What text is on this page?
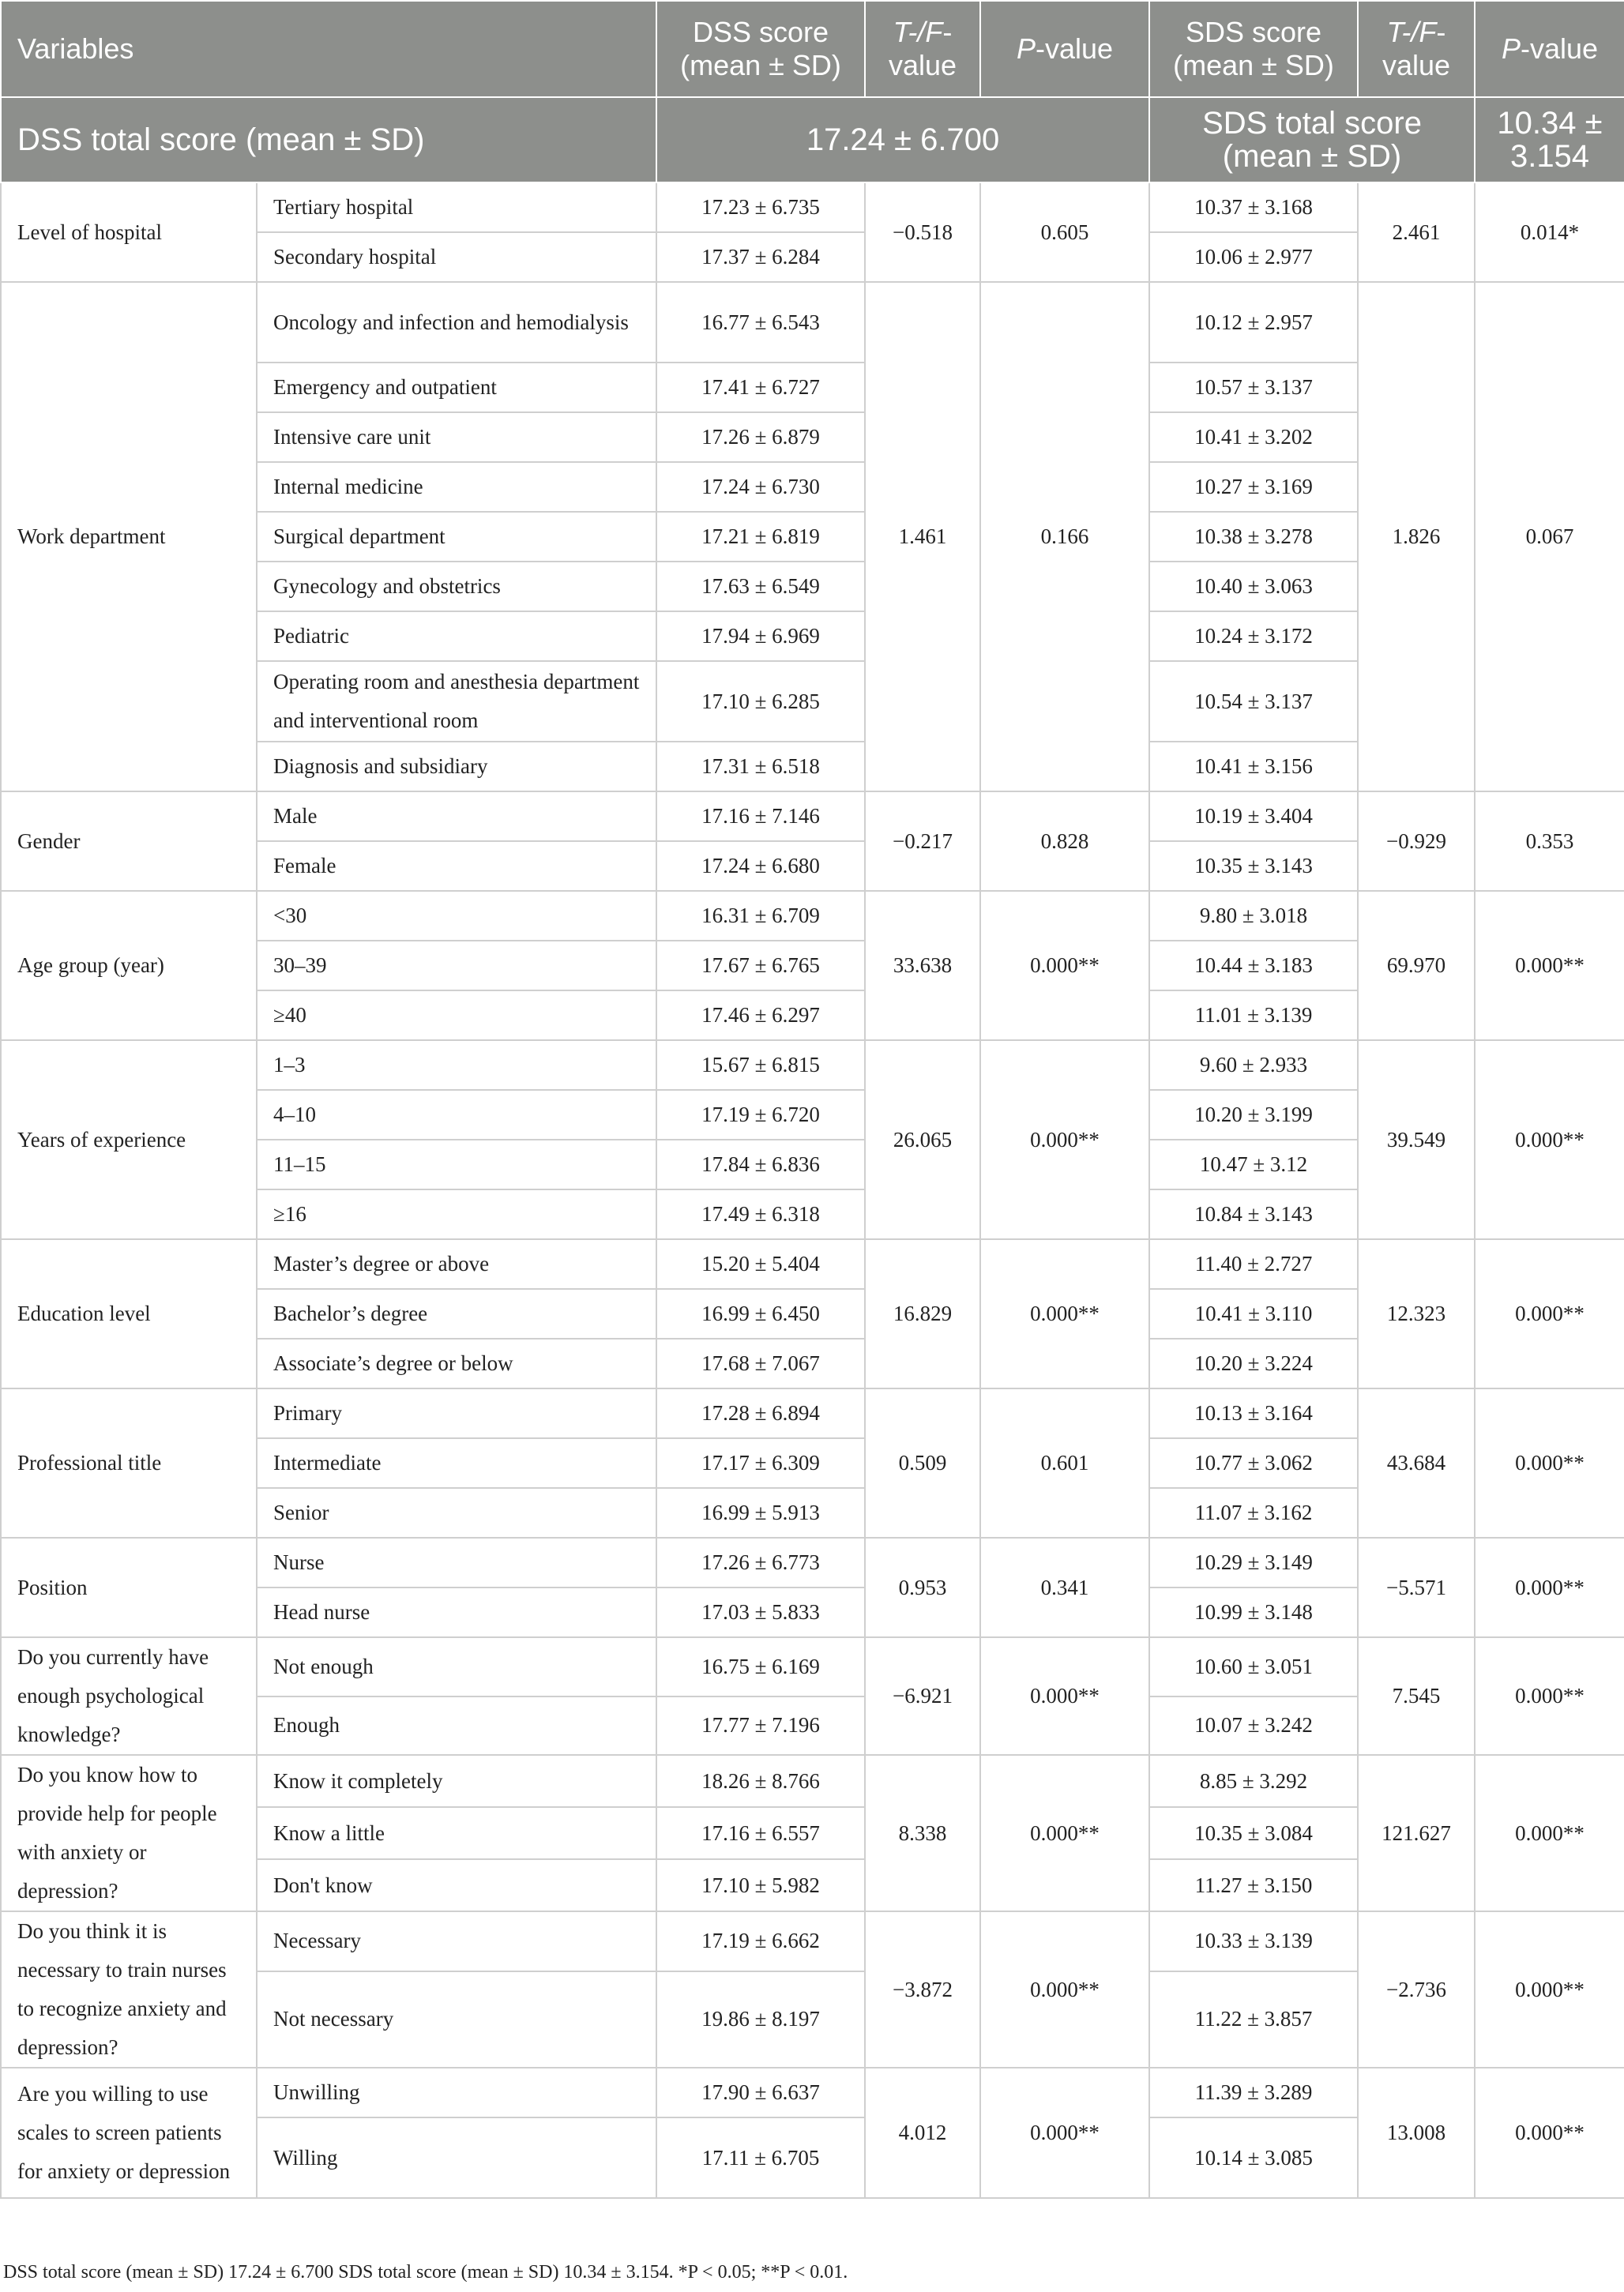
Variables		DSS score (mean ± SD)	T-/F-value	P-value	SDS score (mean ± SD)	T-/F-value	P-value
DSS total score (mean ± SD)		17.24 ± 6.700			SDS total score (mean ± SD)		10.34 ± 3.154
Level of hospital	Tertiary hospital	17.23 ± 6.735	−0.518	0.605	10.37 ± 3.168	2.461	0.014*
	Secondary hospital	17.37 ± 6.284			10.06 ± 2.977		
Work department	Oncology and infection and hemodialysis	16.77 ± 6.543	1.461	0.166	10.12 ± 2.957	1.826	0.067
	Emergency and outpatient	17.41 ± 6.727			10.57 ± 3.137		
	Intensive care unit	17.26 ± 6.879			10.41 ± 3.202		
	Internal medicine	17.24 ± 6.730			10.27 ± 3.169		
	Surgical department	17.21 ± 6.819			10.38 ± 3.278		
	Gynecology and obstetrics	17.63 ± 6.549			10.40 ± 3.063		
	Pediatric	17.94 ± 6.969			10.24 ± 3.172		
	Operating room and anesthesia department and interventional room	17.10 ± 6.285			10.54 ± 3.137		
	Diagnosis and subsidiary	17.31 ± 6.518			10.41 ± 3.156		
Gender	Male	17.16 ± 7.146	−0.217	0.828	10.19 ± 3.404	−0.929	0.353
	Female	17.24 ± 6.680			10.35 ± 3.143		
Age group (year)	<30	16.31 ± 6.709	33.638	0.000**	9.80 ± 3.018	69.970	0.000**
	30–39	17.67 ± 6.765			10.44 ± 3.183		
	≥40	17.46 ± 6.297			11.01 ± 3.139		
Years of experience	1–3	15.67 ± 6.815	26.065	0.000**	9.60 ± 2.933	39.549	0.000**
	4–10	17.19 ± 6.720			10.20 ± 3.199		
	11–15	17.84 ± 6.836			10.47 ± 3.12		
	≥16	17.49 ± 6.318			10.84 ± 3.143		
Education level	Master’s degree or above	15.20 ± 5.404	16.829	0.000**	11.40 ± 2.727	12.323	0.000**
	Bachelor’s degree	16.99 ± 6.450			10.41 ± 3.110		
	Associate’s degree or below	17.68 ± 7.067			10.20 ± 3.224		
Professional title	Primary	17.28 ± 6.894	0.509	0.601	10.13 ± 3.164	43.684	0.000**
	Intermediate	17.17 ± 6.309			10.77 ± 3.062		
	Senior	16.99 ± 5.913			11.07 ± 3.162		
Position	Nurse	17.26 ± 6.773	0.953	0.341	10.29 ± 3.149	−5.571	0.000**
	Head nurse	17.03 ± 5.833			10.99 ± 3.148		
Do you currently have enough psychological knowledge?	Not enough	16.75 ± 6.169	−6.921	0.000**	10.60 ± 3.051	7.545	0.000**
	Enough	17.77 ± 7.196			10.07 ± 3.242		
Do you know how to provide help for people with anxiety or depression?	Know it completely	18.26 ± 8.766	8.338	0.000**	8.85 ± 3.292	121.627	0.000**
	Know a little	17.16 ± 6.557			10.35 ± 3.084		
	Don't know	17.10 ± 5.982			11.27 ± 3.150		
Do you think it is necessary to train nurses to recognize anxiety and depression?	Necessary	17.19 ± 6.662	−3.872	0.000**	10.33 ± 3.139	−2.736	0.000**
	Not necessary	19.86 ± 8.197			11.22 ± 3.857		
Are you willing to use scales to screen patients for anxiety or depression	Unwilling	17.90 ± 6.637	4.012	0.000**	11.39 ± 3.289	13.008	0.000**
	Willing	17.11 ± 6.705			10.14 ± 3.085		
DSS total score (mean ± SD) 17.24 ± 6.700 SDS total score (mean ± SD) 10.34 ± 3.154. *P < 0.05; **P < 0.01.
